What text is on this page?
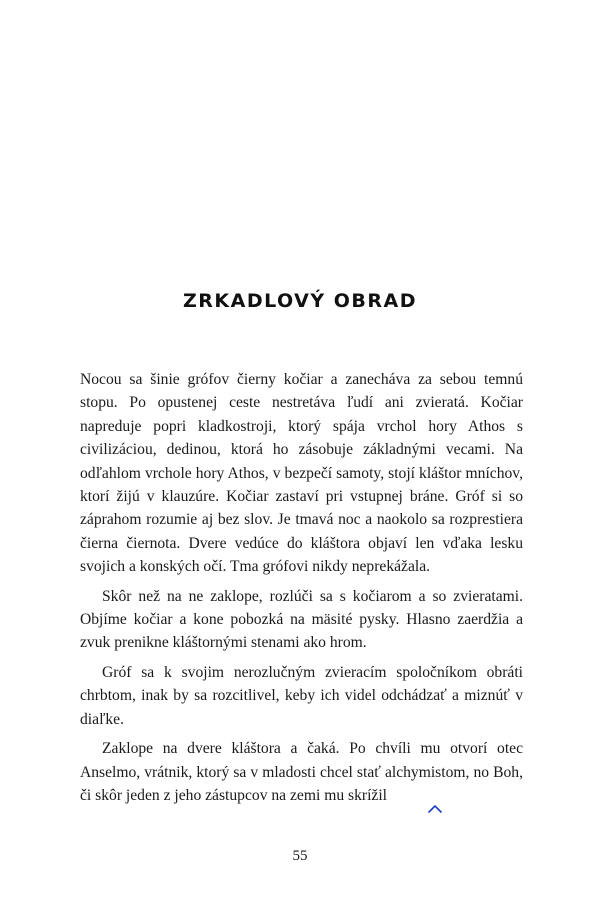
ZRKADLOVÝ OBRAD

Nocou sa šinie grófov čierny kočiar a zanecháva za sebou temnú stopu. Po opustenej ceste nestretáva ľudí ani zvieratá. Kočiar napreduje popri kladkostroji, ktorý spája vrchol hory Athos s civilizáciou, dedinou, ktorá ho zásobuje základnými vecami. Na odľahlom vrchole hory Athos, v bezpečí samoty, stojí kláštor mníchov, ktorí žijú v klauzúre. Kočiar zastaví pri vstupnej bráne. Gróf si so záprahom rozumie aj bez slov. Je tmavá noc a naokolo sa rozprestiera čierna čiernota. Dvere vedúce do kláštora objaví len vďaka lesku svojich a konských očí. Tma grófovi nikdy neprekážala.

Skôr než na ne zaklope, rozlúči sa s kočiarom a so zvieratami. Objíme kočiar a kone pobozká na mäsité pysky. Hlasno zaerdžia a zvuk prenikne kláštornými stenami ako hrom.

Gróf sa k svojim nerozlučným zvieracím spoločníkom obráti chrbtom, inak by sa rozcitlivel, keby ich videl odchádzať a miznúť v diaľke.

Zaklope na dvere kláštora a čaká. Po chvíli mu otvorí otec Anselmo, vrátnik, ktorý sa v mladosti chcel stať alchymistom, no Boh, či skôr jeden z jeho zástupcov na zemi mu skrížil

55
